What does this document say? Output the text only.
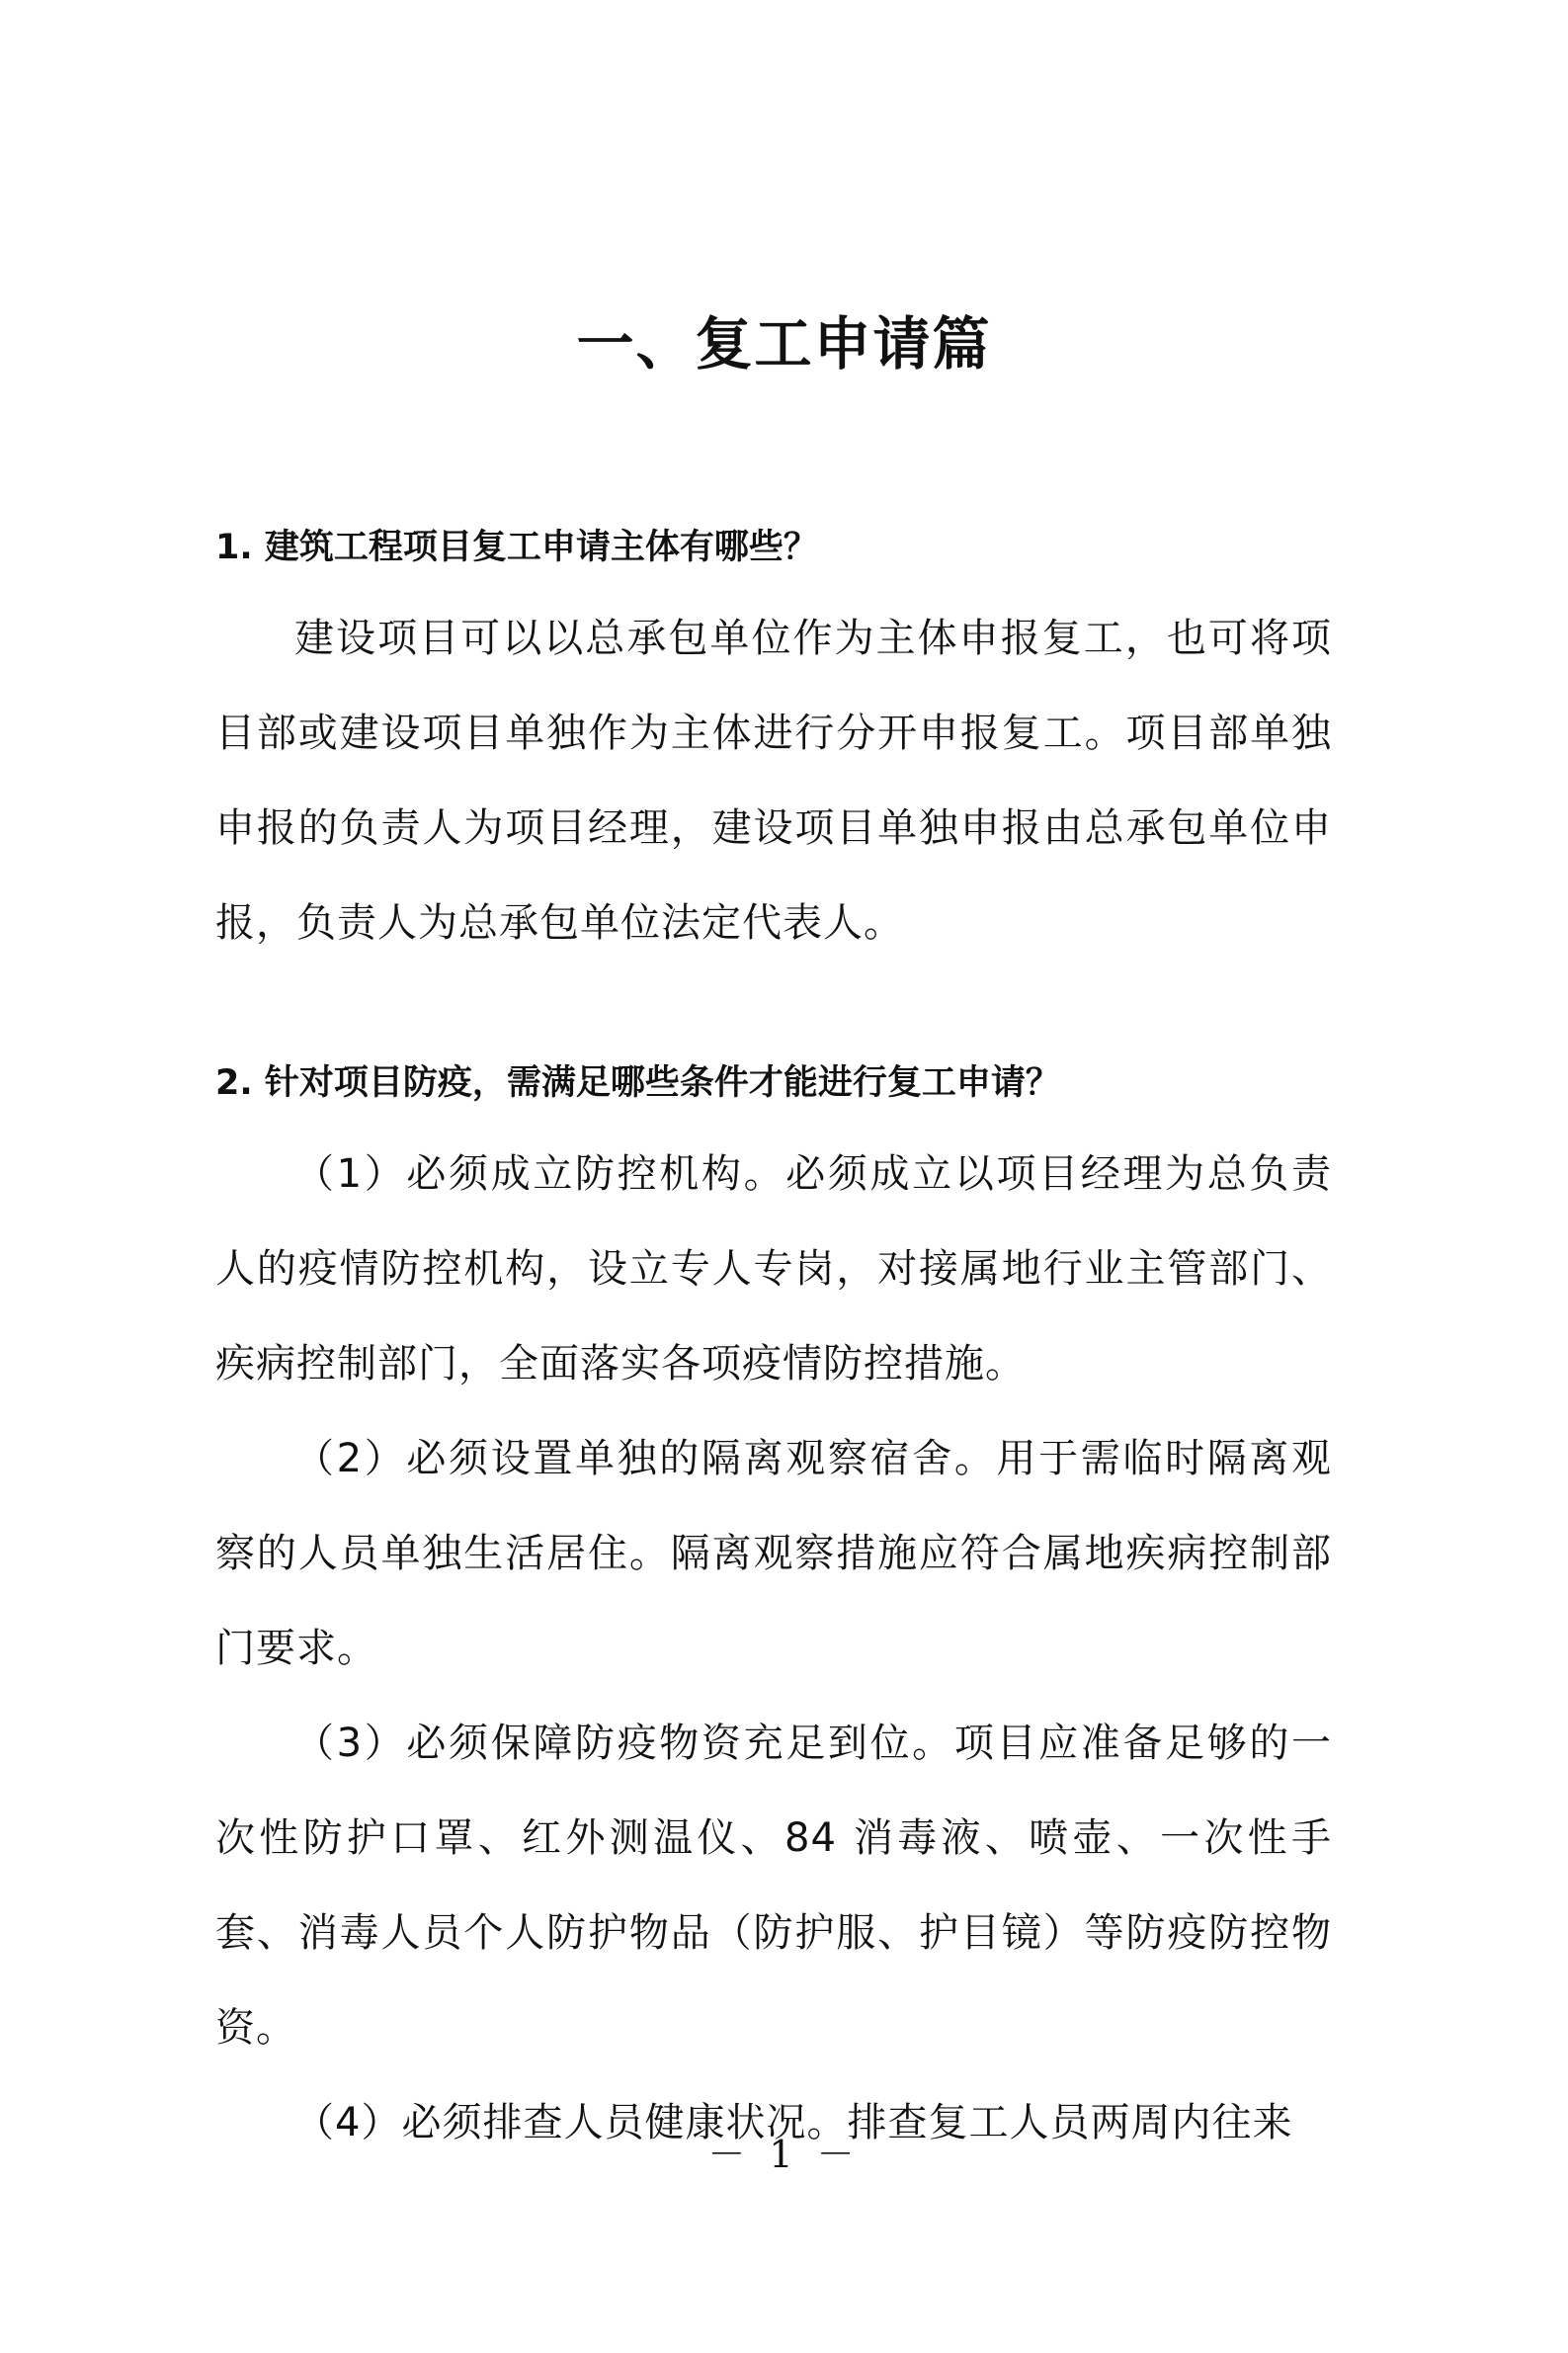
一、复工申请篇

1. 建筑工程项目复工申请主体有哪些？

建设项目可以以总承包单位作为主体申报复工，也可将项目部或建设项目单独作为主体进行分开申报复工。项目部单独申报的负责人为项目经理，建设项目单独申报由总承包单位申报，负责人为总承包单位法定代表人。

2. 针对项目防疫，需满足哪些条件才能进行复工申请？

（1）必须成立防控机构。必须成立以项目经理为总负责人的疫情防控机构，设立专人专岗，对接属地行业主管部门、疾病控制部门，全面落实各项疫情防控措施。

（2）必须设置单独的隔离观察宿舍。用于需临时隔离观察的人员单独生活居住。隔离观察措施应符合属地疾病控制部门要求。

（3）必须保障防疫物资充足到位。项目应准备足够的一次性防护口罩、红外测温仪、84 消毒液、喷壶、一次性手套、消毒人员个人防护物品（防护服、护目镜）等防疫防控物资。

（4）必须排查人员健康状况。排查复工人员两周内往来

－ 1 －
